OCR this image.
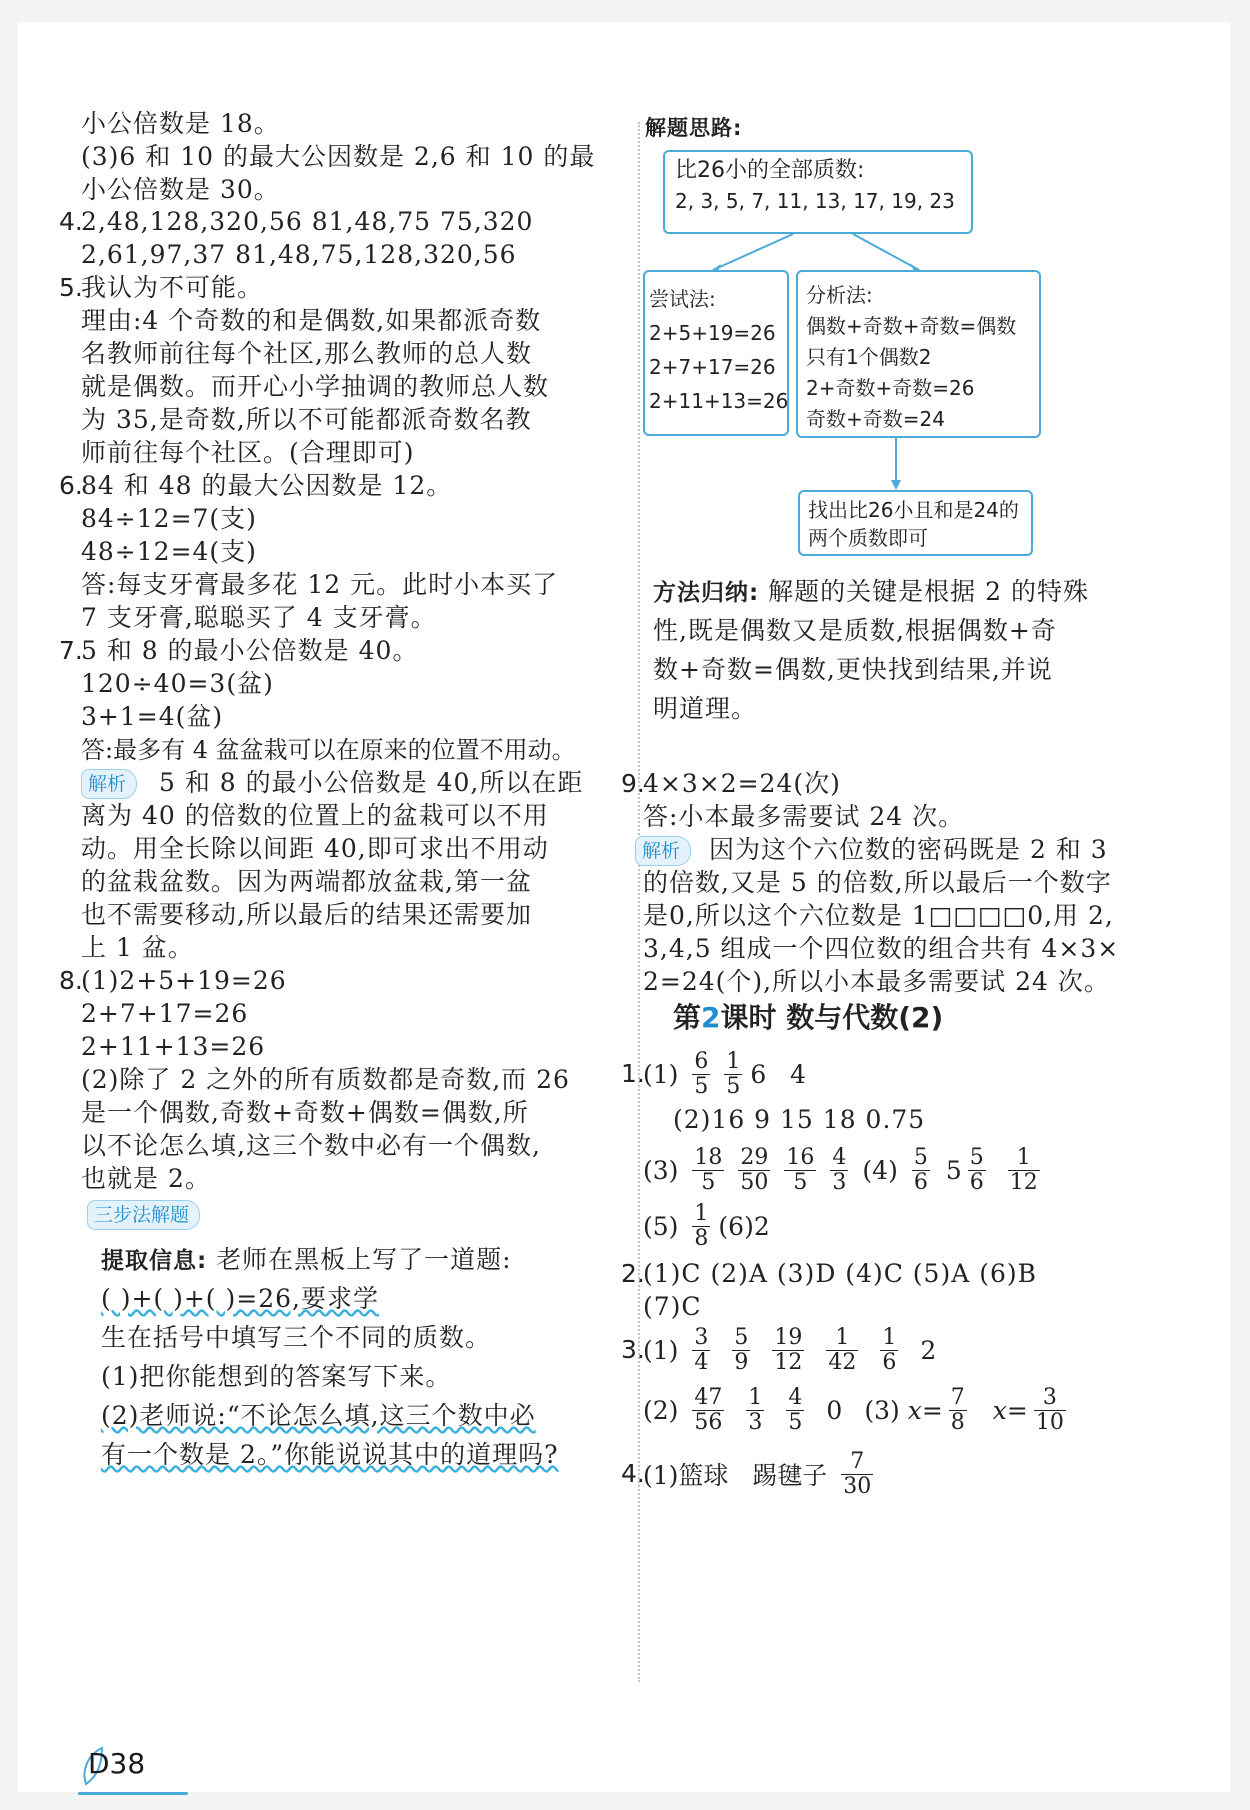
小公倍数是 18。
(3)6 和 10 的最大公因数是 2,6 和 10 的最
小公倍数是 30。
4.
2,48,128,320,56 81,48,75 75,320
2,61,97,37 81,48,75,128,320,56
5.
我认为不可能。
理由:4 个奇数的和是偶数,如果都派奇数
名教师前往每个社区,那么教师的总人数
就是偶数。而开心小学抽调的教师总人数
为 35,是奇数,所以不可能都派奇数名教
师前往每个社区。(合理即可)
6.
84 和 48 的最大公因数是 12。
84÷12=7(支)
48÷12=4(支)
答:每支牙膏最多花 12 元。此时小本买了
7 支牙膏,聪聪买了 4 支牙膏。
7.
5 和 8 的最小公倍数是 40。
120÷40=3(盆)
3+1=4(盆)
答:最多有 4 盆盆栽可以在原来的位置不用动。
解析	5 和 8 的最小公倍数是 40,所以在距
离为 40 的倍数的位置上的盆栽可以不用
动。用全长除以间距 40,即可求出不用动
的盆栽盆数。因为两端都放盆栽,第一盆
也不需要移动,所以最后的结果还需要加
上 1 盆。
8.
(1)2+5+19=26
2+7+17=26
2+11+13=26
(2)除了 2 之外的所有质数都是奇数,而 26
是一个偶数,奇数+奇数+偶数=偶数,所
以不论怎么填,这三个数中必有一个偶数,
也就是 2。
三步法解题
提取信息: 老师在黑板上写了一道题:
( )+( )+( )=26,要求学
生在括号中填写三个不同的质数。
(1)把你能想到的答案写下来。
(2)老师说:“不论怎么填,这三个数中必
有一个数是 2。”你能说说其中的道理吗?
解题思路:
比26小的全部质数:
2, 3, 5, 7, 11, 13, 17, 19, 23
尝试法:
2+5+19=26
2+7+17=26
2+11+13=26
分析法:
偶数+奇数+奇数=偶数
只有1个偶数2
2+奇数+奇数=26
奇数+奇数=24
找出比26小且和是24的
两个质数即可
方法归纳: 解题的关键是根据 2 的特殊
性,既是偶数又是质数,根据偶数+奇
数+奇数=偶数,更快找到结果,并说
明道理。
9.
4×3×2=24(次)
答:小本最多需要试 24 次。
解析	因为这个六位数的密码既是 2 和 3
的倍数,又是 5 的倍数,所以最后一个数字
是0,所以这个六位数是 1□□□□0,用 2,
3,4,5 组成一个四位数的组合共有 4×3×
2=24(个),所以小本最多需要试 24 次。
第2课时 数与代数(2)
1.
$(1) \frac{6}{5} \frac{1}{5} 6$   4
(2)16 9 15 18 0.75
$(3) \frac{18}{5} \frac{29}{50} \frac{16}{5} \frac{4}{3} (4) \frac{5}{6} 5 \frac{5}{6} \frac{1}{12}$
$(5) \frac{1}{8} (6)2$
2.
(1)C (2)A (3)D (4)C (5)A (6)B
(7)C
3.
$(1) \frac{3}{4} \frac{5}{9} \frac{19}{12} \frac{1}{42} \frac{1}{6} 2$
$(2) \frac{47}{56} \frac{1}{3} \frac{4}{5} 0$ (3) $x= \frac{7}{8} x= \frac{3}{10}$
4.
(1)篮球   踢毽子 $\frac{7}{30}$
D38
